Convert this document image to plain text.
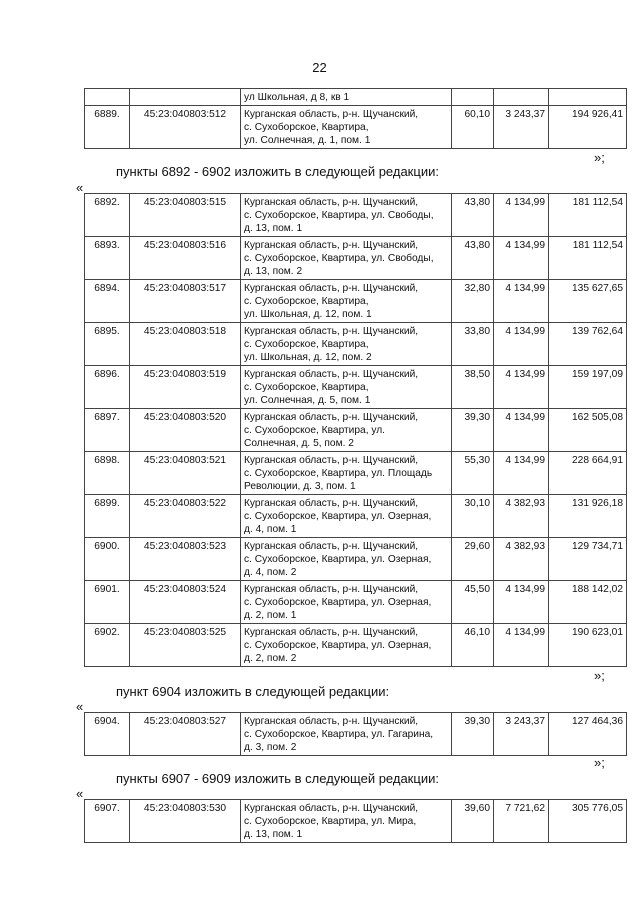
22

		ул Школьная, д 8, кв 1			

6889.	45:23:040803:512	Курганская область, р-н. Щучанский,
с. Сухоборское, Квартира,
ул. Солнечная, д. 1, пом. 1	60,10	3 243,37	194 926,41
»;
пункты 6892 - 6902 изложить в следующей редакции:
«
6892.	45:23:040803:515	Курганская область, р-н. Щучанский,
с. Сухоборское, Квартира, ул. Свободы,
д. 13, пом. 1	43,80	4 134,99	181 112,54
6893.	45:23:040803:516	Курганская область, р-н. Щучанский,
с. Сухоборское, Квартира, ул. Свободы,
д. 13, пом. 2	43,80	4 134,99	181 112,54
6894.	45:23:040803:517	Курганская область, р-н. Щучанский,
с. Сухоборское, Квартира,
ул. Школьная, д. 12, пом. 1	32,80	4 134,99	135 627,65
6895.	45:23:040803:518	Курганская область, р-н. Щучанский,
с. Сухоборское, Квартира,
ул. Школьная, д. 12, пом. 2	33,80	4 134,99	139 762,64
6896.	45:23:040803:519	Курганская область, р-н. Щучанский,
с. Сухоборское, Квартира,
ул. Солнечная, д. 5, пом. 1	38,50	4 134,99	159 197,09
6897.	45:23:040803:520	Курганская область, р-н. Щучанский,
с. Сухоборское, Квартира, ул.
Солнечная, д. 5, пом. 2	39,30	4 134,99	162 505,08
6898.	45:23:040803:521	Курганская область, р-н. Щучанский,
с. Сухоборское, Квартира, ул. Площадь
Революции, д. 3, пом. 1	55,30	4 134,99	228 664,91
6899.	45:23:040803:522	Курганская область, р-н. Щучанский,
с. Сухоборское, Квартира, ул. Озерная,
д. 4, пом. 1	30,10	4 382,93	131 926,18
6900.	45:23:040803:523	Курганская область, р-н. Щучанский,
с. Сухоборское, Квартира, ул. Озерная,
д. 4, пом. 2	29,60	4 382,93	129 734,71
6901.	45:23:040803:524	Курганская область, р-н. Щучанский,
с. Сухоборское, Квартира, ул. Озерная,
д. 2, пом. 1	45,50	4 134,99	188 142,02
6902.	45:23:040803:525	Курганская область, р-н. Щучанский,
с. Сухоборское, Квартира, ул. Озерная,
д. 2, пом. 2	46,10	4 134,99	190 623,01
»;
пункт 6904 изложить в следующей редакции:
«
6904.	45:23:040803:527	Курганская область, р-н. Щучанский,
с. Сухоборское, Квартира, ул. Гагарина,
д. 3, пом. 2
	39,30	3 243,37	127 464,36
»;
пункты 6907 - 6909 изложить в следующей редакции:
«
6907.	45:23:040803:530	Курганская область, р-н. Щучанский,
с. Сухоборское, Квартира, ул. Мира,
д. 13, пом. 1
	39,60	7 721,62	305 776,05
